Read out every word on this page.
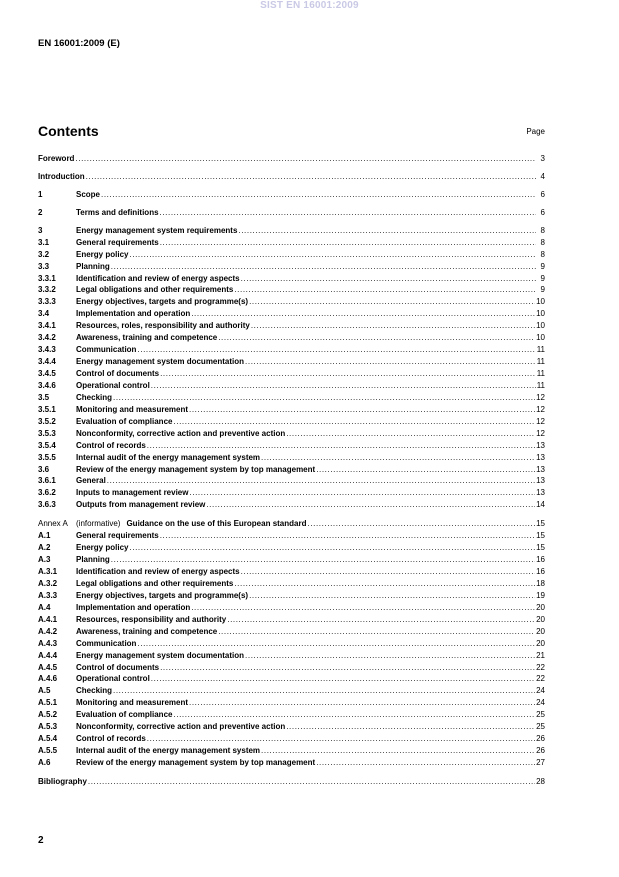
SIST EN 16001:2009
EN 16001:2009 (E)
Contents	Page
Foreword .....	3
Introduction .....	4
1	Scope .....	6
2	Terms and definitions .....	6
3	Energy management system requirements .....	8
3.1	General requirements .....	8
3.2	Energy policy .....	8
3.3	Planning .....	9
3.3.1	Identification and review of energy aspects .....	9
3.3.2	Legal obligations and other requirements .....	9
3.3.3	Energy objectives, targets and programme(s) .....	10
3.4	Implementation and operation .....	10
3.4.1	Resources, roles, responsibility and authority .....	10
3.4.2	Awareness, training and competence .....	10
3.4.3	Communication .....	11
3.4.4	Energy management system documentation .....	11
3.4.5	Control of documents .....	11
3.4.6	Operational control .....	11
3.5	Checking .....	12
3.5.1	Monitoring and measurement .....	12
3.5.2	Evaluation of compliance .....	12
3.5.3	Nonconformity, corrective action and preventive action .....	12
3.5.4	Control of records .....	13
3.5.5	Internal audit of the energy management system .....	13
3.6	Review of the energy management system by top management .....	13
3.6.1	General .....	13
3.6.2	Inputs to management review .....	13
3.6.3	Outputs from management review .....	14
Annex A	(informative) Guidance on the use of this European standard .....	15
A.1	General requirements .....	15
A.2	Energy policy .....	15
A.3	Planning .....	16
A.3.1	Identification and review of energy aspects .....	16
A.3.2	Legal obligations and other requirements .....	18
A.3.3	Energy objectives, targets and programme(s) .....	19
A.4	Implementation and operation .....	20
A.4.1	Resources, responsibility and authority .....	20
A.4.2	Awareness, training and competence .....	20
A.4.3	Communication .....	20
A.4.4	Energy management system documentation .....	21
A.4.5	Control of documents .....	22
A.4.6	Operational control .....	22
A.5	Checking .....	24
A.5.1	Monitoring and measurement .....	24
A.5.2	Evaluation of compliance .....	25
A.5.3	Nonconformity, corrective action and preventive action .....	25
A.5.4	Control of records .....	26
A.5.5	Internal audit of the energy management system .....	26
A.6	Review of the energy management system by top management .....	27
Bibliography .....	28
2
